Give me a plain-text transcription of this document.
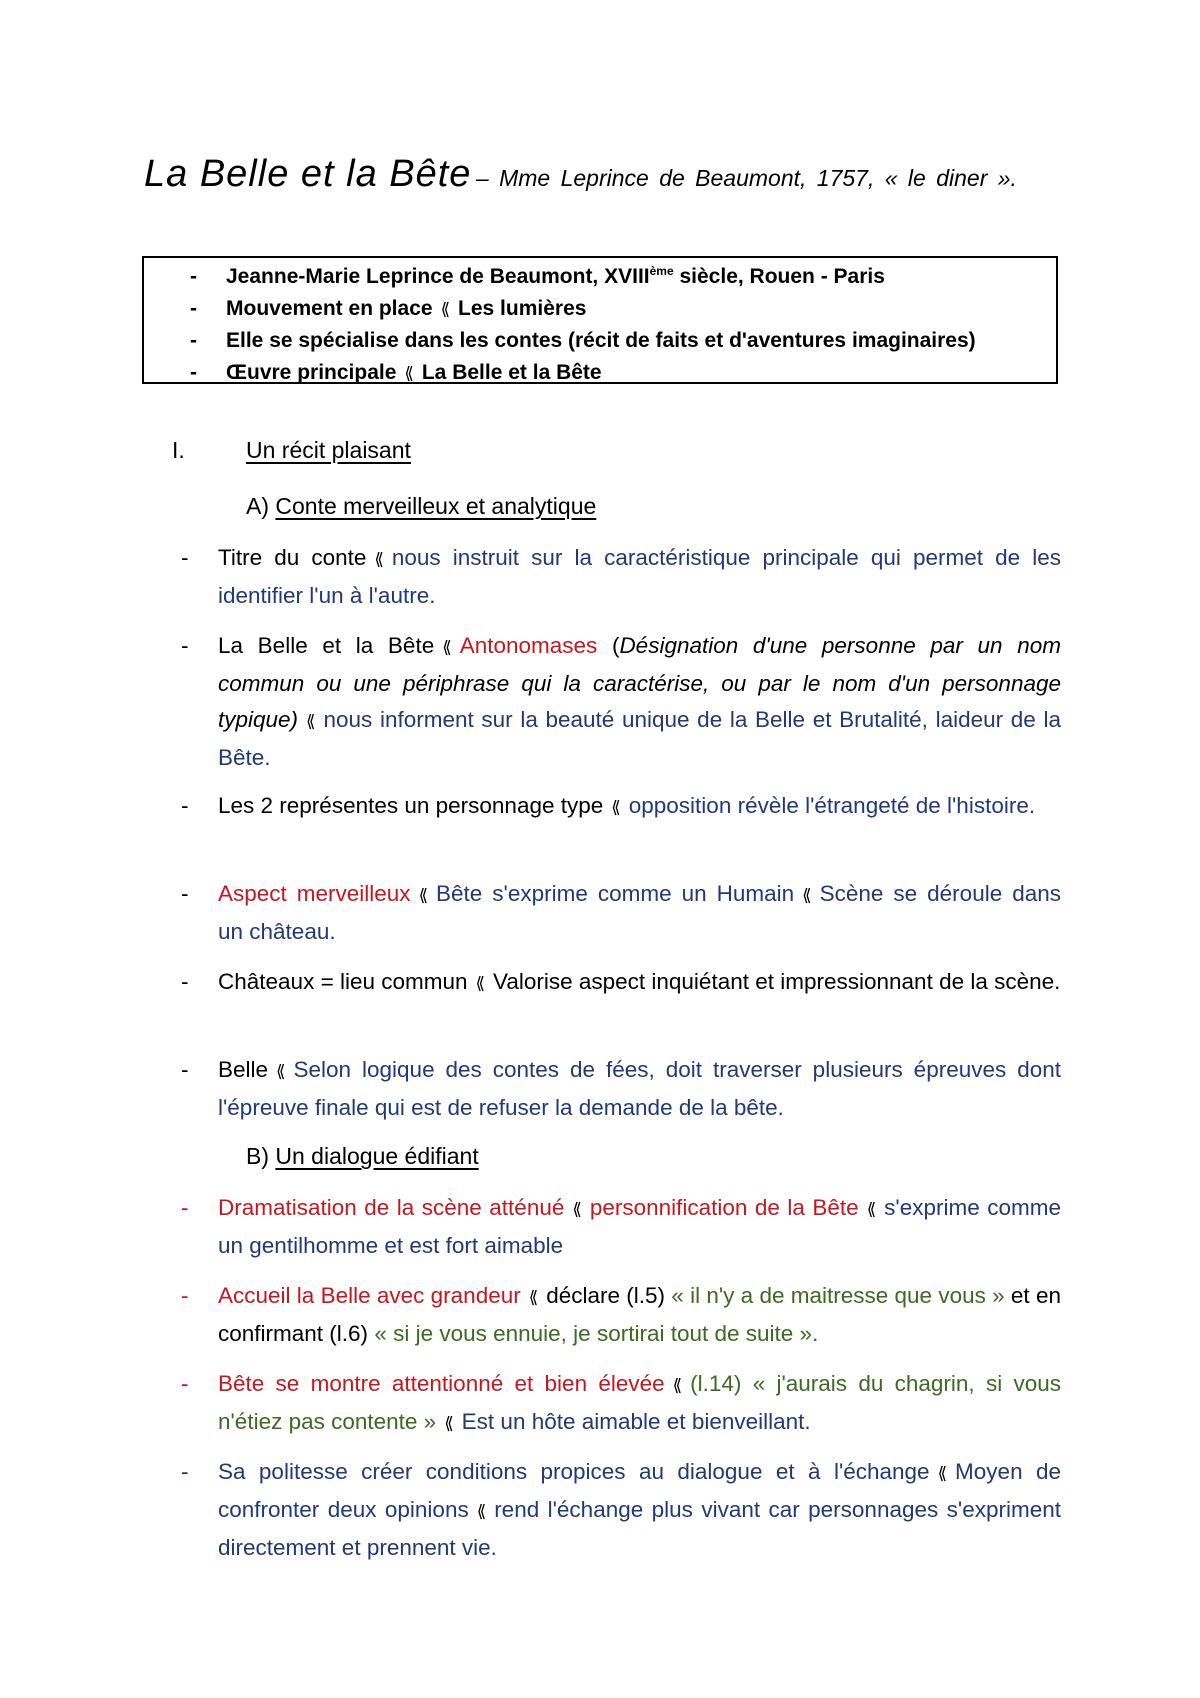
La Belle et la Bête – Mme Leprince de Beaumont, 1757, « le diner ».
- Jeanne-Marie Leprince de Beaumont, XVIIIème siècle, Rouen - Paris
- Mouvement en place ⟪ Les lumières
- Elle se spécialise dans les contes (récit de faits et d'aventures imaginaires)
- Œuvre principale ⟪ La Belle et la Bête
I.	Un récit plaisant
A) Conte merveilleux et analytique
- Titre du conte ⟪ nous instruit sur la caractéristique principale qui permet de les identifier l'un à l'autre.
- La Belle et la Bête ⟪ Antonomases (Désignation d'une personne par un nom commun ou une périphrase qui la caractérise, ou par le nom d'un personnage typique) ⟪ nous informent sur la beauté unique de la Belle et Brutalité, laideur de la Bête.
- Les 2 représentes un personnage type ⟪ opposition révèle l'étrangeté de l'histoire.
- Aspect merveilleux ⟪ Bête s'exprime comme un Humain ⟪ Scène se déroule dans un château.
- Châteaux = lieu commun ⟪ Valorise aspect inquiétant et impressionnant de la scène.
- Belle ⟪ Selon logique des contes de fées, doit traverser plusieurs épreuves dont l'épreuve finale qui est de refuser la demande de la bête.
B) Un dialogue édifiant
- Dramatisation de la scène atténué ⟪ personnification de la Bête ⟪ s'exprime comme un gentilhomme et est fort aimable
- Accueil la Belle avec grandeur ⟪ déclare (l.5) « il n'y a de maitresse que vous » et en confirmant (l.6) « si je vous ennuie, je sortirai tout de suite ».
- Bête se montre attentionné et bien élevée ⟪ (l.14) « j'aurais du chagrin, si vous n'étiez pas contente » ⟪ Est un hôte aimable et bienveillant.
- Sa politesse créer conditions propices au dialogue et à l'échange ⟪ Moyen de confronter deux opinions ⟪ rend l'échange plus vivant car personnages s'expriment directement et prennent vie.
